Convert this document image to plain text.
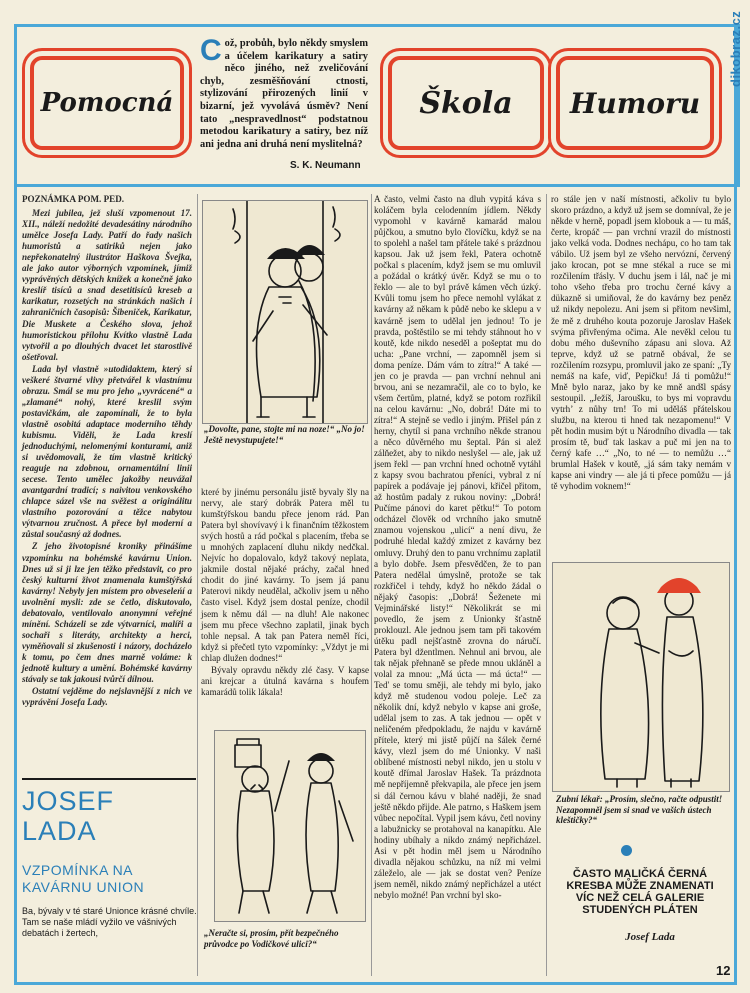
dikobraz.cz
Pomocná	Škola	Humoru
Což, probůh, bylo někdy smyslem a účelem karikatury a satiry něco jiného, než zveličování chyb, zesměšňování ctnosti, stylizování přirozených linií v bizarní, jež vyvolává úsměv? Není tato „nespravedlnost“ podstatnou metodou karikatury a satiry, bez níž ani jedna ani druhá není myslitelná?
S. K. Neumann

POZNÁMKA POM. PED.

Mezi jubilea, jež sluší vzpomenout 17. XII., náleží nedožité devadesátiny národního umělce Josefa Lady. Patří do řady našich humoristů a satiriků nejen jako nepřekonatelný ilustrátor Haškova Švejka, ale jako autor výborných vzpomínek, jímiž vyprávěných dětských knížek a konečně jako kreslíř tisíců a snad desetitisíců kreseb a karikatur, rozsetých na stránkách našich i zahraničních časopisů: Šibeniček, Karikatur, Die Muskete a Českého slova, jehož humoristickou přílohu Kvítko vlastně Lada vytvořil a po dlouhých dvacet let starostlivě ošetřoval.

Lada byl vlastně »utodidaktem, který si veškeré štvarné vlivy přetvářel k vlastnímu obrazu. Smál se mu pro jeho „vyvrácené“ a „zlamané“ nohý, které kreslil svým postavičkám, ale zapomínali, že to byla vlastně osobitá adaptace moderního těhdy kubismu. Viděli, že Lada kreslí jednoduchými, nelomenými konturami, aniž si uvědomovali, že tím vlastně kritický reaguje na zdobnou, ornamentální linii secese. Tento umělec jakožby neuvážal avantgardní tradicí; s naivitou venkovského chlapce sázel vše na svěžest a originálitu vlastního pozorování a těžce nabytou výtvarnou zručnost. A přece byl moderní a zůstal současný až dodnes.

Z jeho životopisné kroniky přinášíme vzpomínku na bohémské kavárnu Union. Dnes už si ji lze jen těžko představit, co pro český kulturní život znamenala kumštýřská kavárny! Nebyly jen místem pro obveseleńí a uvolnění mysli: zde se četlo, diskutovalo, debatovalo, ventilovalo anonymní veřejné mínění. Scházeli se zde výtvarníci, malíři a sochaři s literáty, architekty a herci, vyměňovali si zkušenosti i názory, docházelo k tomu, po čem dnes marně voláme: k jednotě kultury a umění. Bohémské kavárny stávaly se tak jakousi tvůrčí dílnou.

Ostatní vejděme do nejslavnější z nich ve vyprávění Josefa Lady.

JOSEF
LADA
VZPOMÍNKA NA KAVÁRNU UNION
Ba, bývaly v té staré Unionce krásné chvíle. Tam se naše mládí vyžilo ve vášnivých debatách i žertech,
„Dovolte, pane, stojte mi na noze!“ „No jo! Ještě nevystupujete!“

které by jinému personálu jistě byvaly šly na nervy, ale starý dobrák Patera měl tu kumštýřskou bandu přece jenom rád. Pan Patera byl shovívavý i k finančním těžkostem svých hostů a rád počkal s placením, třeba se u mnohých zaplacení dluhu nikdy nedčkal. Nejvíc ho dopalovalo, když takový neplata, jakmile dostal nějaké práchy, začal hned chodit do jiné kavárny. To jsem já panu Paterovi nikdy neudělal, ačkoliv jsem u něho často visel. Když jsem dostal peníze, chodil jsem k němu dál — na dluh! Ale nakonec jsem mu přece všechno zaplatil, jinak bych tohle nepsal. A tak pan Patera neměl říci, když si přečetl tyto vzpomínky: „Vždyt je mi chlap dlužen dodnes!“

Bývaly opravdu někdy zlé časy. V kapse ani krejcar a útulná kavárna s houfem kamarádů tolik lákala!

„Neračte si, prosím, přít bezpečného průvodce po Vodičkové ulici?“

A často, velmi často na dluh vypitá káva s koláčem byla celodenním jídlem. Někdy vypomohl v kavárně kamarád malou půjčkou, a smutno bylo človíčku, když se na to spolehl a našel tam přátele také s prázdnou kapsou. Jak už jsem řekl, Patera ochotně počkal s placením, když jsem se mu omluvil a požádal o krátký úvěr. Když se mu o to řeklo — ale to byl právě kámen věch úzký. Kvůli tomu jsem ho přece nemohl vylákat z kavárny až někam k půdě nebo ke sklepu a v kavárně jsem to udělal jen jednou! To je pravda, poštěstilo se mi tehdy stáhnout ho v koutě, kde nikdo neseděl a pošeptat mu do ucha: „Pane vrchní, — zapomněl jsem si doma peníze. Dám vám to zítra!“ A také — jen co je pravda — pan vrchní nehnul ani brvou, ani se nezamračil, ale co to bylo, ke všem čertům, platné, když se potom rozřikíl na celou kavárnu: „No, dobrá! Dáte mi to zítra!“ A stejně se vedlo i jiným. Přišel pán z herny, chytíl si pana vrchního někde stranou a něco důvěrného mu šeptal. Pán si alež zálňežet, aby to nikdo neslyšel — ale, jak už jsem řekl — pan vrchní hned ochotně vytáhl z kapsy svou bachratou přeníci, vybral z ní papírek a podávaje jej pánovi, křičel přitom, až hostům padaly z rukou noviny: „Dobrá! Pučíme pánovi do karet pětku!“ To potom odcházel člověk od vrchního jako smutně znamou vojenskou „ulicí“ a není divu, že podruhé hledal každý zmizet z kavárny bez omluvy. Druhý den to panu vrchnímu zaplatil a bylo dobře. Jsem přesvědčen, že to pan Patera nedělal úmyslně, protože se tak rozkřičel i tehdy, když ho někdo žádal o nějaký časopis: „Dobrá! Šeženete mi Vejminářské listy!“ Několikrát se mi povedlo, že jsem z Unionky šťastně proklouzl. Ale jednou jsem tam při takovém útěku padl nejšťastně zrovna do náručí. Patera byl džentlmen. Nehnul ani brvou, ale tak nějak přehnaně se přede mnou ukláněl a volal za mnou: „Má úcta — má úcta!“ — Ted' se tomu směji, ale tehdy mi bylo, jako když mě studenou vodou poleje. Leč za několik dní, když nebylo v kapse ani groše, udělal jsem to zas. A tak jednou — opět v neličeném předpokladu, že najdu v kavárně přítele, který mi jistě půjčí na šálek černé kávy, vlezl jsem do mé Unionky. V naši oblíbené místnosti nebyl nikdo, jen u stolu v koutě dřímal Jaroslav Hašek. Ta prázdnota mě nepříjemně překvapila, ale přece jen jsem si dál černou kávu v blahé naději, že snad ještě někdo přijde. Ale patrno, s Haškem jsem vůbec nepočítal. Vypil jsem kávu, četl noviny a labužnicky se protahoval na kanapítku. Ale hodiny ubíhaly a nikdo známý nepřicházel. Asi v pět hodin měl jsem u Národního divadla nějakou schůzku, na níž mi velmi záleželo, ale — jak se dostat ven? Peníze jsem neměl, nikdo známý nepřicházel a utéct nebylo možné! Pan vrchní byl sko-

ro stále jen v naší místnosti, ačkoliv tu bylo skoro prázdno, a když už jsem se domníval, že je někde v herně, popadl jsem klobouk a — tu máš, čerte, kropáč — pan vrchní vrazil do místnosti jako velká voda. Dodnes nechápu, co ho tam tak vábilo. Už jsem byl ze všeho nervózní, červený jako krocan, pot se mne stékal a ruce se mi rozčilením třásly. V duchu jsem i lál, nač je mi toho všeho třeba pro trochu černé kávy a dükazně si umiňoval, že do kavárny bez peněz už nikdy nepolezu. Ani jsem si přitom nevšiml, že mě z druhého kouta pozoruje Jaroslav Hašek svýma přivřenýma očima. Ale nevěkl celou tu dobu mého duševního zápasu ani slova. Až teprve, když už se patrně obával, že se rozčilením rozsypu, promluvil jako ze spaní: „Ty nemáš na kafe, viď, Pepičku! Já ti pomůžu!“ Mně bylo naraz, jako by ke mně andšl spásy sestoupil. „Ježíš, Jaroušku, to bys mi vopravdu vytrh’ z nůhy trn! To mi uděláš přátelskou službu, na kterou ti hned tak nezapomenu!“ V pět hodin musim být u Národního divadla — tak prosím tě, buď tak laskav a puč mi jen na to černý kafe …“ „No, to né — to nemůžu …“ brumlal Hašek v koutě, „já sám taky nemám v kapse ani vindry — ale já ti přece pomůžu — já tě vyhodim voknem!“

Zubní lékař: „Prosím, slečno, račte odpustit! Nezapomněl jsem si snad ve vašich ústech kleštičky?“
ČASTO MALIČKÁ ČERNÁ KRESBA MŮŽE ZNAMENATI VÍC NEŽ CELÁ GALERIE STUDENÝCH PLÁTEN
Josef Lada
12
